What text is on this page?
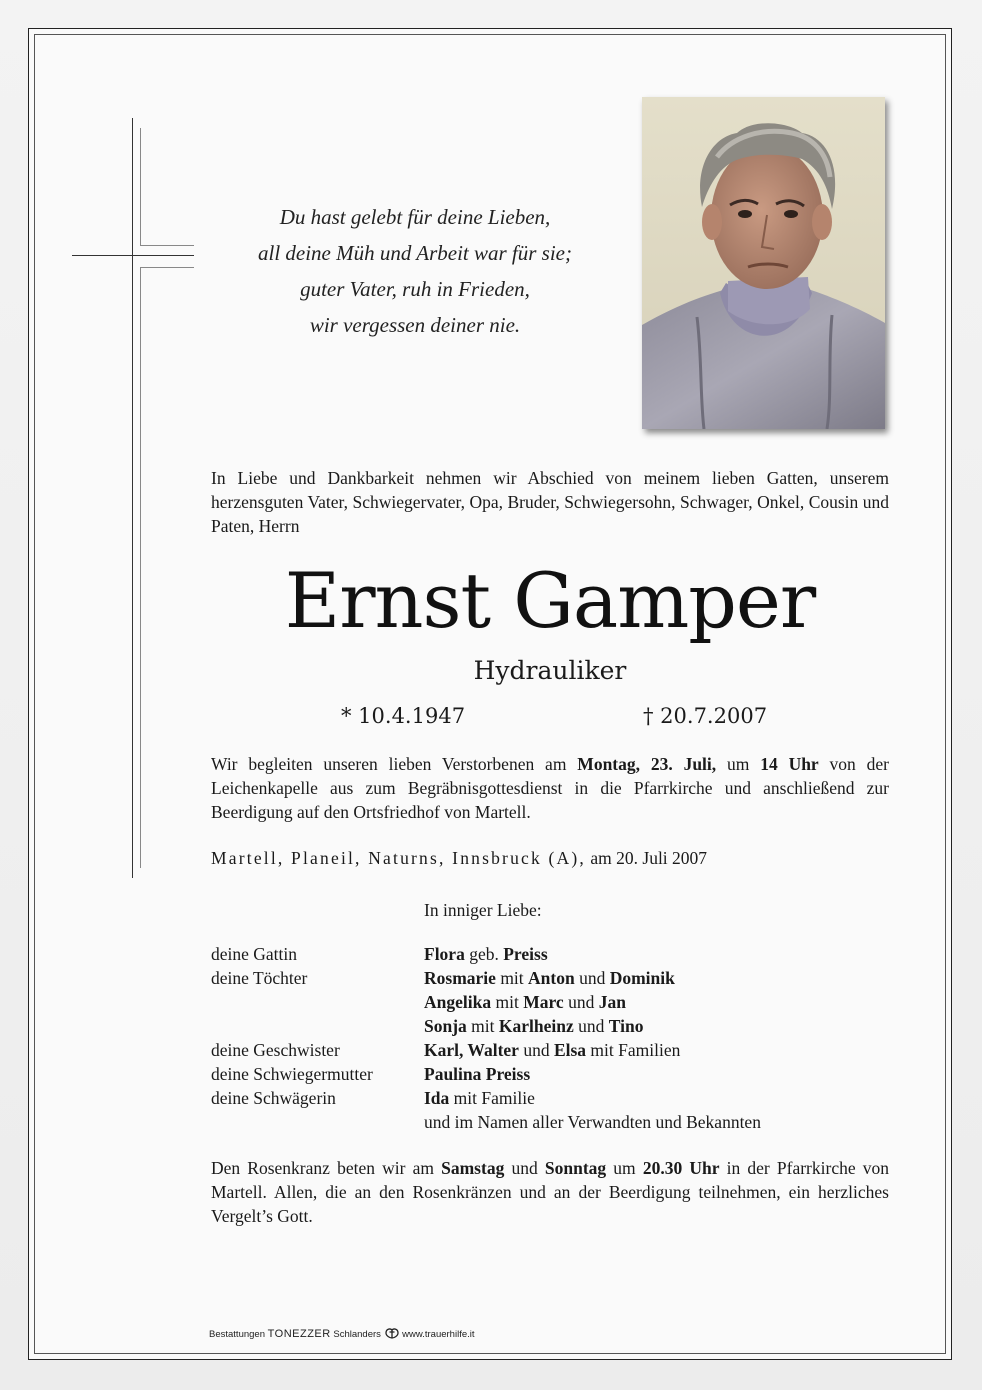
Du hast gelebt für deine Lieben,
all deine Müh und Arbeit war für sie;
guter Vater, ruh in Frieden,
wir vergessen deiner nie.
In Liebe und Dankbarkeit nehmen wir Abschied von meinem lieben Gatten, unserem herzensguten Vater, Schwiegervater, Opa, Bruder, Schwiegersohn, Schwager, Onkel, Cousin und Paten, Herrn
Ernst Gamper
Hydrauliker
* 10.4.1947	† 20.7.2007
Wir begleiten unseren lieben Verstorbenen am Montag, 23. Juli, um 14 Uhr von der Leichenkapelle aus zum Begräbnisgottesdienst in die Pfarrkirche und anschließend zur Beerdigung auf den Ortsfriedhof von Martell.
Martell, Planeil, Naturns, Innsbruck (A), am 20. Juli 2007
In inniger Liebe:
deine Gattin	Flora geb. Preiss
deine Töchter	Rosmarie mit Anton und Dominik
Angelika mit Marc und Jan
Sonja mit Karlheinz und Tino
deine Geschwister	Karl, Walter und Elsa mit Familien
deine Schwiegermutter	Paulina Preiss
deine Schwägerin	Ida mit Familie
und im Namen aller Verwandten und Bekannten
Den Rosenkranz beten wir am Samstag und Sonntag um 20.30 Uhr in der Pfarrkirche von Martell. Allen, die an den Rosenkränzen und an der Beerdigung teilnehmen, ein herzliches Vergelt’s Gott.
Bestattungen TONEZZER Schlanders www.trauerhilfe.it
